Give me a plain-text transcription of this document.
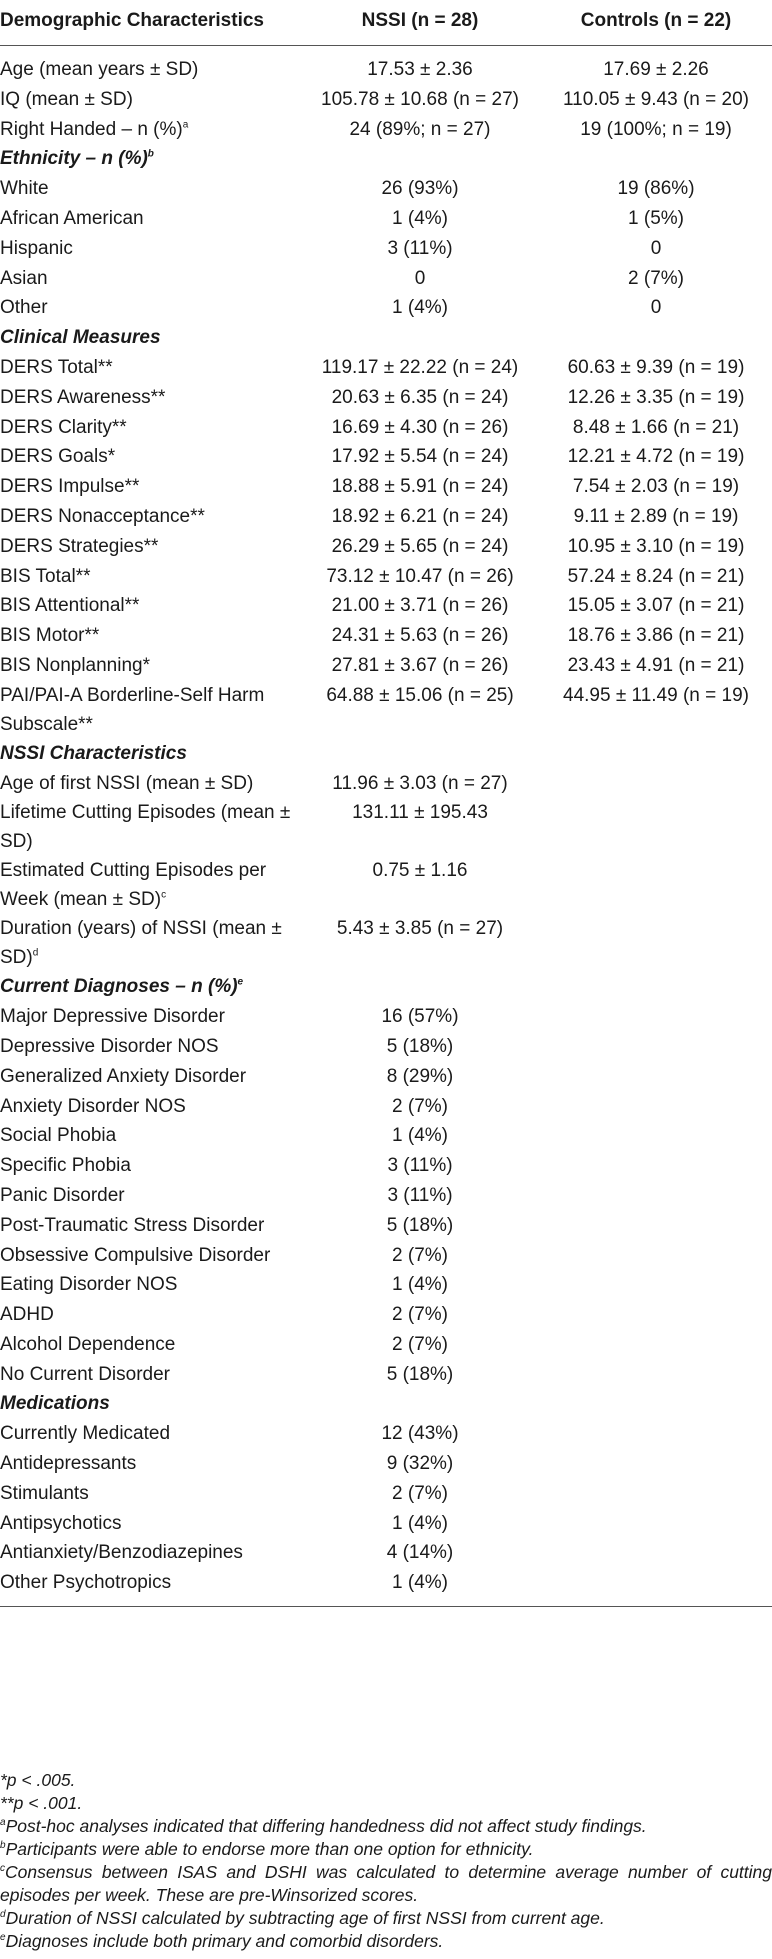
Demographic Characteristics	NSSI (n = 28)	Controls (n = 22)
Age (mean years ± SD)	17.53 ± 2.36	17.69 ± 2.26
IQ (mean ± SD)	105.78 ± 10.68 (n = 27)	110.05 ± 9.43 (n = 20)
Right Handed – n (%)$^a$	24 (89%; n = 27)	19 (100%; n = 19)
Ethnicity – n (%)$^b$
White	26 (93%)	19 (86%)
African American	1 (4%)	1 (5%)
Hispanic	3 (11%)	0
Asian	0	2 (7%)
Other	1 (4%)	0
Clinical Measures		
DERS Total**	119.17 ± 22.22 (n = 24)	60.63 ± 9.39 (n = 19)
DERS Awareness**	20.63 ± 6.35 (n = 24)	12.26 ± 3.35 (n = 19)
DERS Clarity**	16.69 ± 4.30 (n = 26)	8.48 ± 1.66 (n = 21)
DERS Goals*	17.92 ± 5.54 (n = 24)	12.21 ± 4.72 (n = 19)
DERS Impulse**	18.88 ± 5.91 (n = 24)	7.54 ± 2.03 (n = 19)
DERS Nonacceptance**	18.92 ± 6.21 (n = 24)	9.11 ± 2.89 (n = 19)
DERS Strategies**	26.29 ± 5.65 (n = 24)	10.95 ± 3.10 (n = 19)
BIS Total**	73.12 ± 10.47 (n = 26)	57.24 ± 8.24 (n = 21)
BIS Attentional**	21.00 ± 3.71 (n = 26)	15.05 ± 3.07 (n = 21)
BIS Motor**	24.31 ± 5.63 (n = 26)	18.76 ± 3.86 (n = 21)
BIS Nonplanning*	27.81 ± 3.67 (n = 26)	23.43 ± 4.91 (n = 21)
PAI/PAI-A Borderline-Self Harm Subscale**	64.88 ± 15.06 (n = 25)	44.95 ± 11.49 (n = 19)
NSSI Characteristics		
Age of first NSSI (mean ± SD)	11.96 ± 3.03 (n = 27)	
Lifetime Cutting Episodes (mean ± SD)	131.11 ± 195.43	
Estimated Cutting Episodes per Week (mean ± SD)$^c$	0.75 ± 1.16	
Duration (years) of NSSI (mean ± SD)$^d$	5.43 ± 3.85 (n = 27)	
Current Diagnoses – n (%)$^e$
Major Depressive Disorder	16 (57%)	
Depressive Disorder NOS	5 (18%)	
Generalized Anxiety Disorder	8 (29%)	
Anxiety Disorder NOS	2 (7%)	
Social Phobia	1 (4%)	
Specific Phobia	3 (11%)	
Panic Disorder	3 (11%)	
Post-Traumatic Stress Disorder	5 (18%)	
Obsessive Compulsive Disorder	2 (7%)	
Eating Disorder NOS	1 (4%)	
ADHD	2 (7%)	
Alcohol Dependence	2 (7%)	
No Current Disorder	5 (18%)	
Medications		
Currently Medicated	12 (43%)	
Antidepressants	9 (32%)	
Stimulants	2 (7%)	
Antipsychotics	1 (4%)	
Antianxiety/Benzodiazepines	4 (14%)	
Other Psychotropics	1 (4%)	

*p < .005.

**p < .001.

$^a$Post-hoc analyses indicated that differing handedness did not affect study findings.

$^b$Participants were able to endorse more than one option for ethnicity.

$^c$Consensus between ISAS and DSHI was calculated to determine average number of cutting episodes per week. These are pre-Winsorized scores.

$^d$Duration of NSSI calculated by subtracting age of first NSSI from current age.

$^e$Diagnoses include both primary and comorbid disorders.
